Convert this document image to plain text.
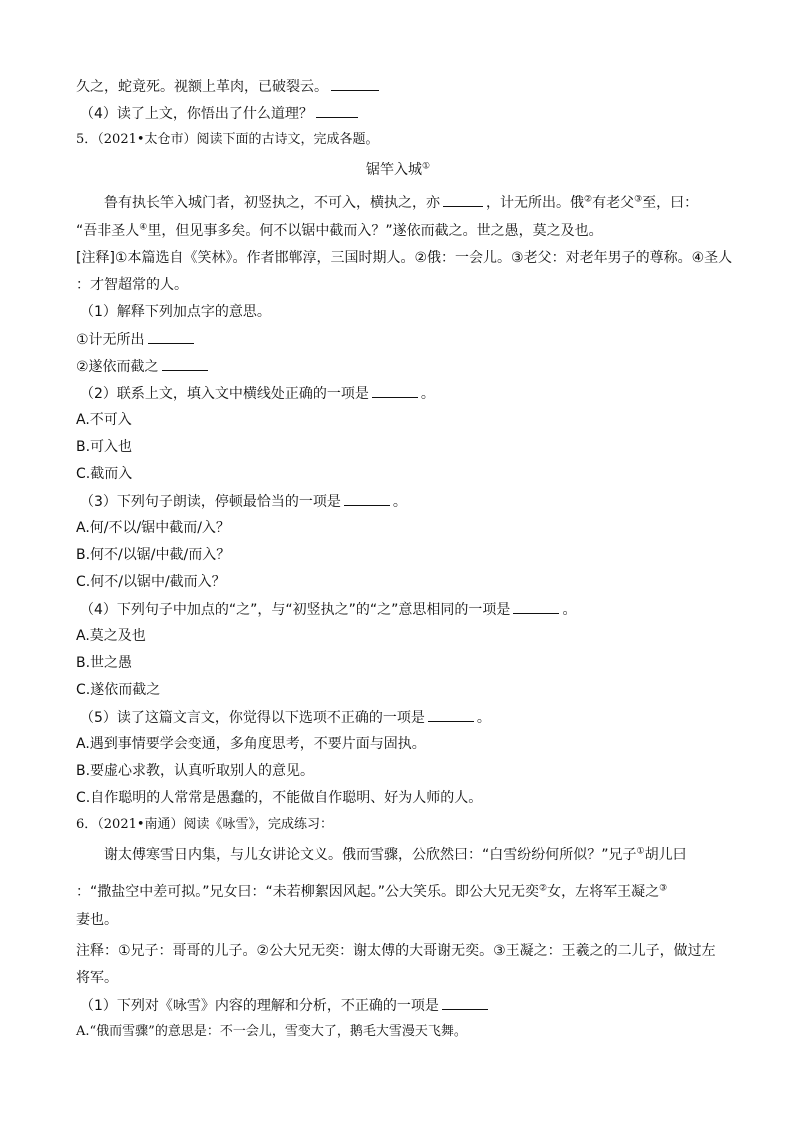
久之，蛇竟死。视额上革肉，已破裂云。
（4）读了上文，你悟出了什么道理？
5．（2021•太仓市）阅读下面的古诗文，完成各题。
锯竿入城①
鲁有执长竿入城门者，初竖执之，不可入，横执之，亦	，计无所出。俄②有老父③至，曰：
“吾非圣人④里，但见事多矣。何不以锯中截而入？”遂依而截之。世之愚，莫之及也。
[注释]①本篇选自《笑林》。作者邯郸淳，三国时期人。②俄：一会儿。③老父：对老年男子的尊称。④圣人
：才智超常的人。
（1）解释下列加点字的意思。
①计无所出
②遂依而截之
（2）联系上文，填入文中横线处正确的一项是	。
A.不可入
B.可入也
C.截而入
（3）下列句子朗读，停顿最恰当的一项是	。
A.何/不以/锯中截而/入？
B.何不/以锯/中截/而入？
C.何不/以锯中/截而入？
（4）下列句子中加点的“之”，与“初竖执之”的“之”意思相同的一项是	。
A.莫之及也
B.世之愚
C.遂依而截之
（5）读了这篇文言文，你觉得以下选项不正确的一项是	。
A.遇到事情要学会变通，多角度思考，不要片面与固执。
B.要虚心求教，认真听取别人的意见。
C.自作聪明的人常常是愚蠢的，不能做自作聪明、好为人师的人。
6．（2021•南通）阅读《咏雪》，完成练习：
谢太傅寒雪日内集，与儿女讲论文义。俄而雪骤，公欣然曰：“白雪纷纷何所似？”兄子①胡儿曰
：“撒盐空中差可拟。”兄女曰：“未若柳絮因风起。”公大笑乐。即公大兄无奕②女，左将军王凝之③
妻也。
注释：①兄子：哥哥的儿子。②公大兄无奕：谢太傅的大哥谢无奕。③王凝之：王羲之的二儿子，做过左
将军。
（1）下列对《咏雪》内容的理解和分析，不正确的一项是
A.“俄而雪骤”的意思是：不一会儿，雪变大了，鹅毛大雪漫天飞舞。
